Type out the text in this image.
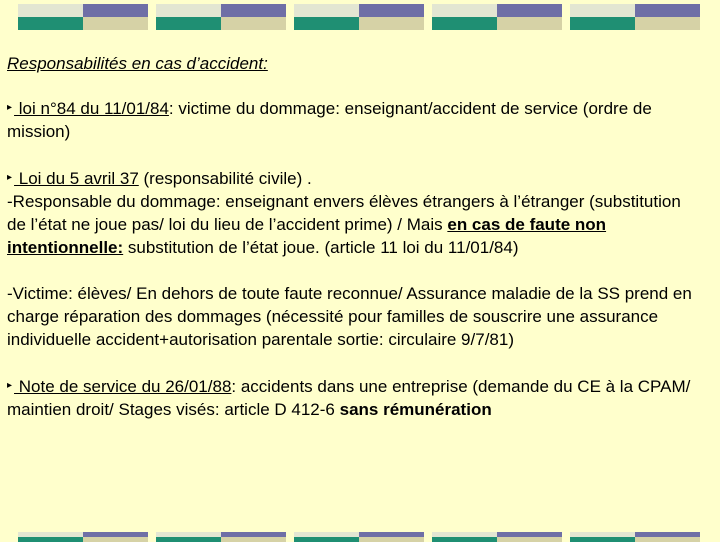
Responsabilités en cas d’accident:

▸ loi n°84 du 11/01/84: victime du dommage: enseignant/accident de service (ordre de mission)

▸ Loi du 5 avril 37 (responsabilité civile) .
-Responsable du dommage: enseignant envers élèves étrangers à l’étranger (substitution de l’état ne joue pas/ loi du lieu de l’accident prime) / Mais en cas de faute non intentionnelle: substitution de l’état joue. (article 11 loi du 11/01/84)

-Victime: élèves/ En dehors de toute faute reconnue/ Assurance maladie de la SS prend en charge réparation des dommages (nécessité pour familles de souscrire une assurance individuelle accident+autorisation parentale sortie: circulaire 9/7/81)

▸ Note de service du 26/01/88: accidents dans une entreprise (demande du CE à la CPAM/ maintien droit/ Stages visés: article D 412-6 sans rémunération
